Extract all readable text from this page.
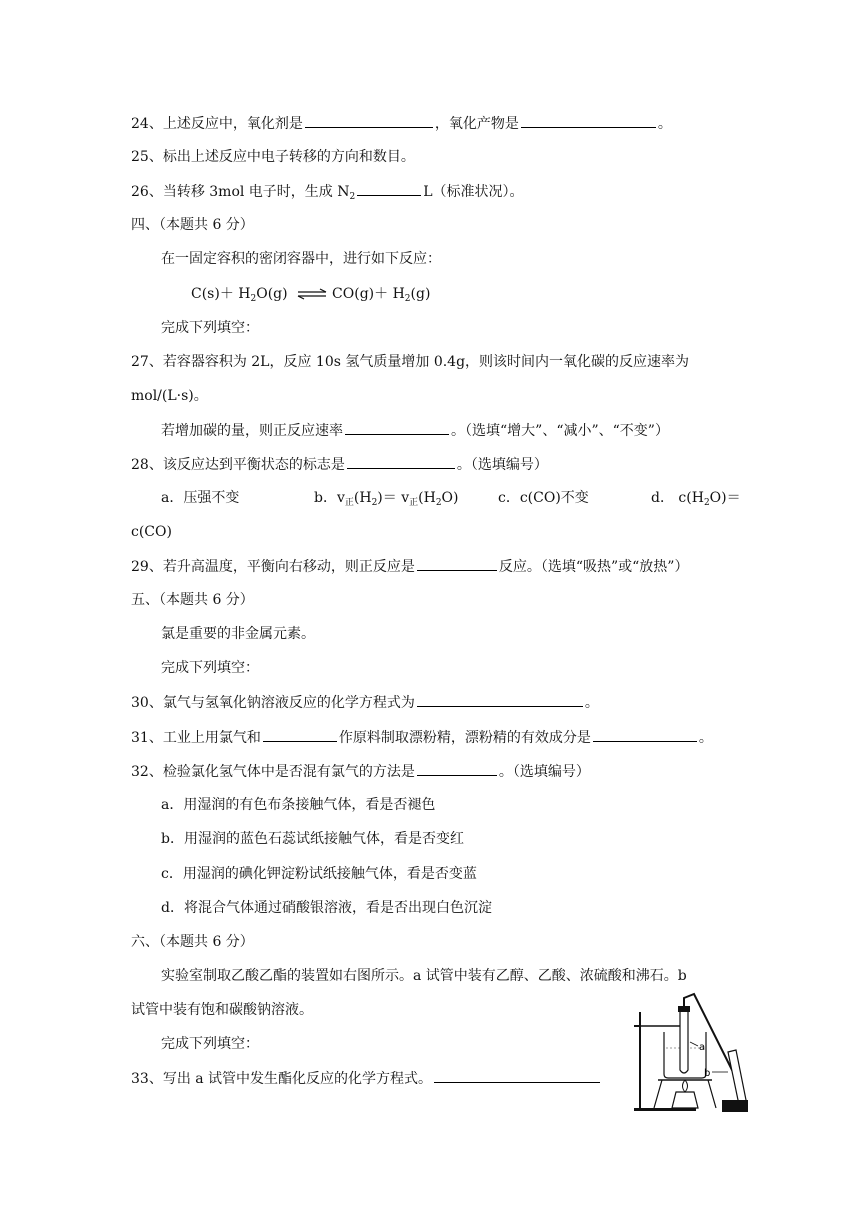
24、上述反应中，氧化剂是	，氧化产物是	。
25、标出上述反应中电子转移的方向和数目。
26、当转移 3mol 电子时，生成 $N_2$	L（标准状况）。
四、（本题共 6 分）
在一固定容积的密闭容器中，进行如下反应：
$C(s)+ H_2O(g)$ ⇌ $CO(g)+ H_2(g)$
完成下列填空：
27、若容器容积为 2L，反应 10s 氢气质量增加 0.4g，则该时间内一氧化碳的反应速率为
mol/(L·s)。
若增加碳的量，则正反应速率	。（选填“增大”、“减小”、“不变”）
28、该反应达到平衡状态的标志是	。（选填编号）
a．压强不变	b．$v_正(H_2)= v_正(H_2O)$	c．c(CO)不变	d． $c(H_2O)=$
c(CO)
29、若升高温度，平衡向右移动，则正反应是	反应。（选填“吸热”或“放热”）
五、（本题共 6 分）
氯是重要的非金属元素。
完成下列填空：
30、氯气与氢氧化钠溶液反应的化学方程式为	。
31、工业上用氯气和	作原料制取漂粉精，漂粉精的有效成分是	。
32、检验氯化氢气体中是否混有氯气的方法是	。（选填编号）
a．用湿润的有色布条接触气体，看是否褪色
b．用湿润的蓝色石蕊试纸接触气体，看是否变红
c．用湿润的碘化钾淀粉试纸接触气体，看是否变蓝
d．将混合气体通过硝酸银溶液，看是否出现白色沉淀
六、（本题共 6 分）
实验室制取乙酸乙酯的装置如右图所示。a 试管中装有乙醇、乙酸、浓硫酸和沸石。b
试管中装有饱和碳酸钠溶液。
完成下列填空：
33、写出 a 试管中发生酯化反应的化学方程式。
a
b
